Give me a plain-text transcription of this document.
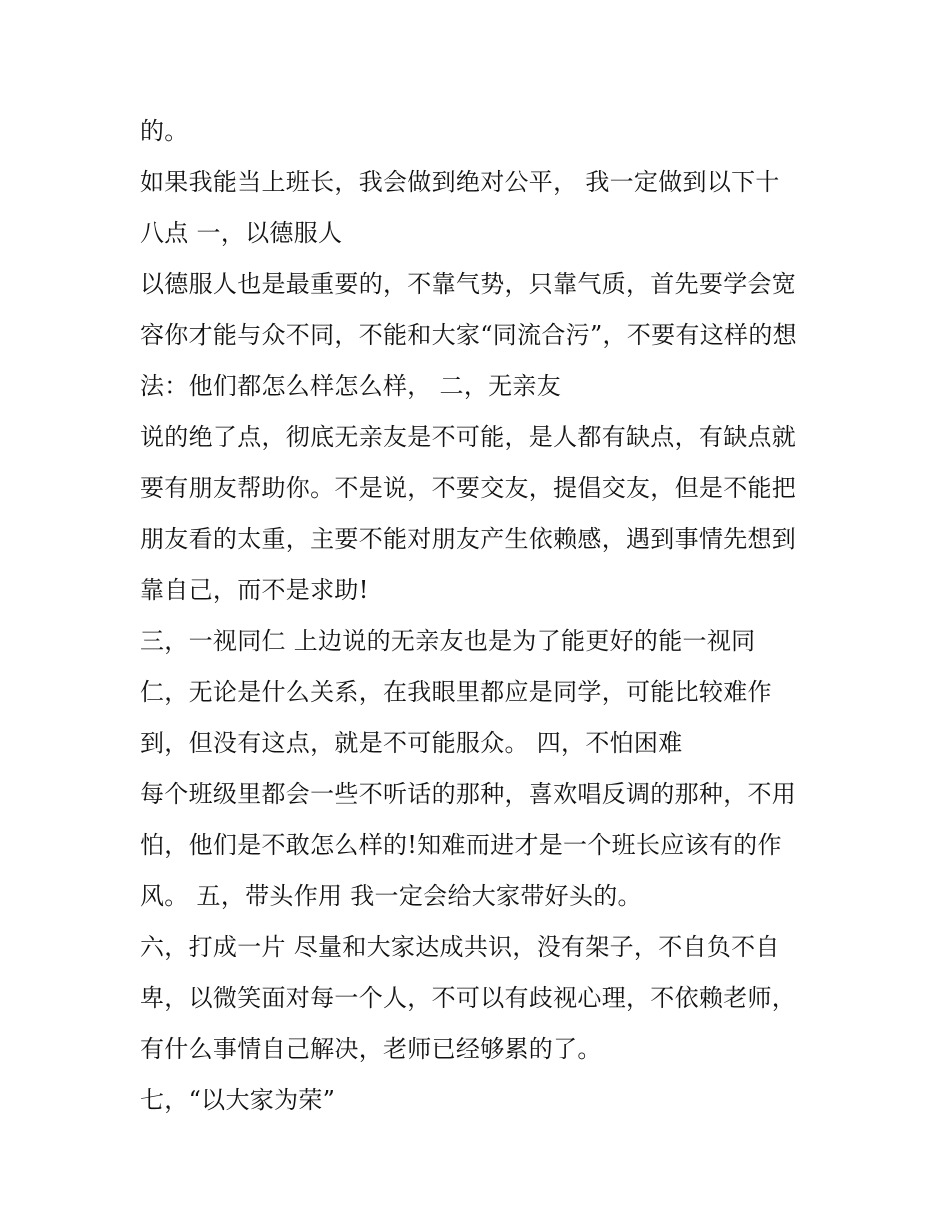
的。
如果我能当上班长，我会做到绝对公平， 我一定做到以下十
八点 一，以德服人
以德服人也是最重要的，不靠气势，只靠气质，首先要学会宽
容你才能与众不同，不能和大家“同流合污”，不要有这样的想
法：他们都怎么样怎么样， 二，无亲友
说的绝了点，彻底无亲友是不可能，是人都有缺点，有缺点就
要有朋友帮助你。不是说，不要交友，提倡交友，但是不能把
朋友看的太重，主要不能对朋友产生依赖感，遇到事情先想到
靠自己，而不是求助!
三，一视同仁 上边说的无亲友也是为了能更好的能一视同
仁，无论是什么关系，在我眼里都应是同学，可能比较难作
到，但没有这点，就是不可能服众。 四，不怕困难
每个班级里都会一些不听话的那种，喜欢唱反调的那种，不用
怕，他们是不敢怎么样的!知难而进才是一个班长应该有的作
风。 五，带头作用 我一定会给大家带好头的。
六，打成一片 尽量和大家达成共识，没有架子，不自负不自
卑，以微笑面对每一个人，不可以有歧视心理，不依赖老师，
有什么事情自己解决，老师已经够累的了。
七，“以大家为荣”
